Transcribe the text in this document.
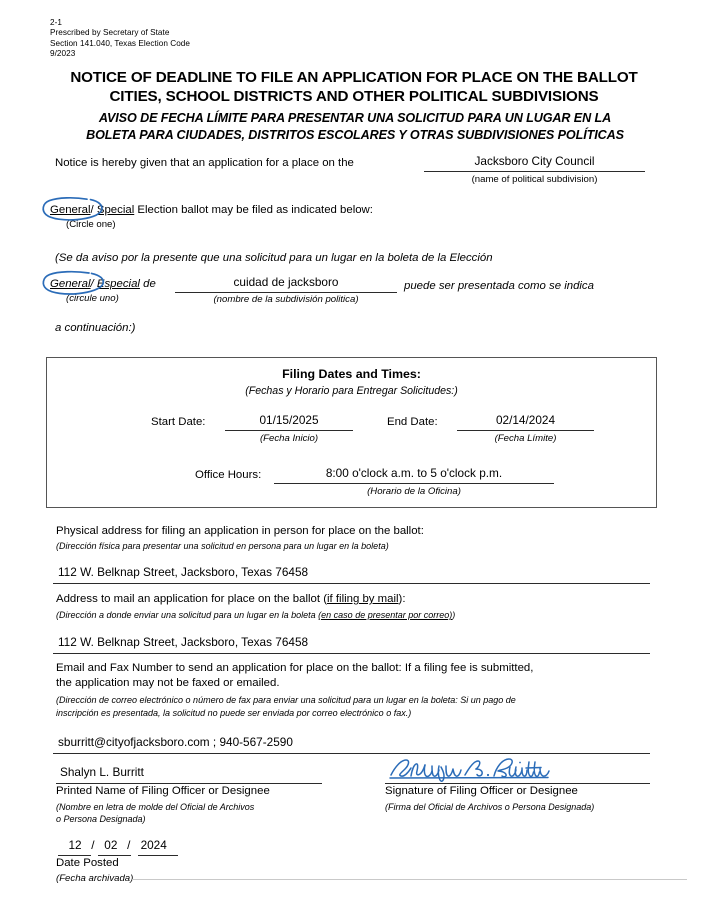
2-1
Prescribed by Secretary of State
Section 141.040, Texas Election Code
9/2023
NOTICE OF DEADLINE TO FILE AN APPLICATION FOR PLACE ON THE BALLOT
CITIES, SCHOOL DISTRICTS AND OTHER POLITICAL SUBDIVISIONS
AVISO DE FECHA LÍMITE PARA PRESENTAR UNA SOLICITUD PARA UN LUGAR EN LA
BOLETA PARA CIUDADES, DISTRITOS ESCOLARES Y OTRAS SUBDIVISIONES POLÍTICAS
Notice is hereby given that an application for a place on the	Jacksboro City Council
(name of political subdivision)
General/ Special Election ballot may be filed as indicated below:
(Circle one)
(Se da aviso por la presente que una solicitud para un lugar en la boleta de la Elección
General/ Especial de
(circule uno)
cuidad de jacksboro
(nombre de la subdivisión politica)
puede ser presentada como se indica
a continuación:)
Filing Dates and Times:
(Fechas y Horario para Entregar Solicitudes:)
Start Date:	01/15/2025
(Fecha Inicio)
End Date:	02/14/2024
(Fecha Límite)
Office Hours:	8:00 o'clock a.m. to 5 o'clock p.m.
(Horario de la Oficina)
Physical address for filing an application in person for place on the ballot:
(Dirección física para presentar una solicitud en persona para un lugar en la boleta)
112 W. Belknap Street, Jacksboro, Texas 76458
Address to mail an application for place on the ballot (if filing by mail):
(Dirección a donde enviar una solicitud para un lugar en la boleta (en caso de presentar por correo))
112 W. Belknap Street, Jacksboro, Texas 76458
Email and Fax Number to send an application for place on the ballot: If a filing fee is submitted,
the application may not be faxed or emailed.
(Dirección de correo electrónico o número de fax para enviar una solicitud para un lugar en la boleta: Si un pago de
inscripción es presentada, la solicitud no puede ser enviada por correo electrónico o fax.)
sburritt@cityofjacksboro.com ; 940-567-2590
Shalyn L. Burritt
Printed Name of Filing Officer or Designee
(Nombre en letra de molde del Oficial de Archivos
o Persona Designada)
Signature of Filing Officer or Designee
(Firma del Oficial de Archivos o Persona Designada)
12 / 02 / 2024
Date Posted
(Fecha archivada)
